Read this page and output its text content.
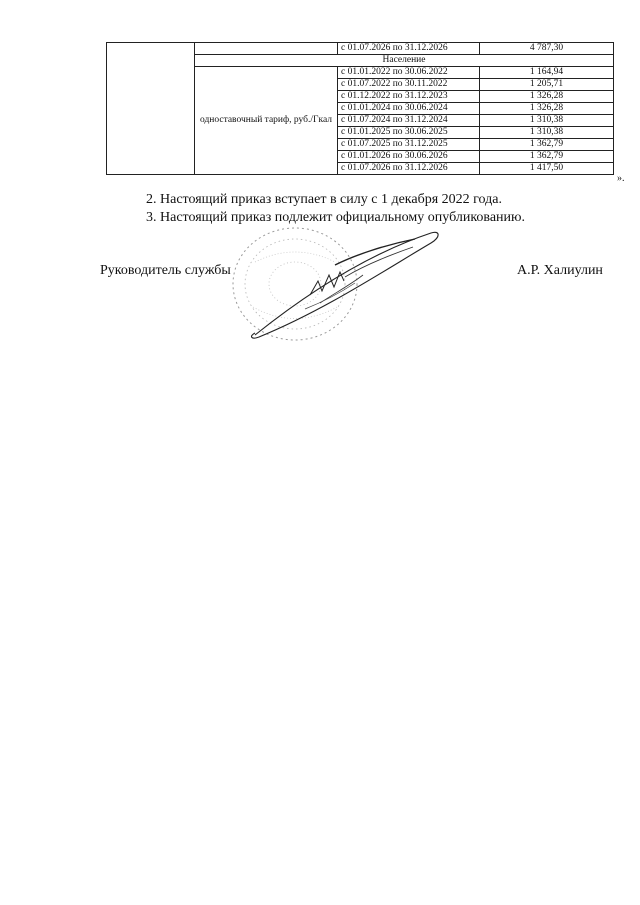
		с 01.07.2026 по 31.12.2026	4 787,30
	Население		
	одноставочный тариф, руб./Гкал	с 01.01.2022 по 30.06.2022	1 164,94
		с 01.07.2022 по 30.11.2022	1 205,71
		с 01.12.2022 по 31.12.2023	1 326,28
		с 01.01.2024 по 30.06.2024	1 326,28
		с 01.07.2024 по 31.12.2024	1 310,38
		с 01.01.2025 по 30.06.2025	1 310,38
		с 01.07.2025 по 31.12.2025	1 362,79
		с 01.01.2026 по 30.06.2026	1 362,79
		с 01.07.2026 по 31.12.2026	1 417,50
».

2. Настоящий приказ вступает в силу с 1 декабря 2022 года.

3. Настоящий приказ подлежит официальному опубликованию.

Руководитель службы	А.Р. Халиулин
